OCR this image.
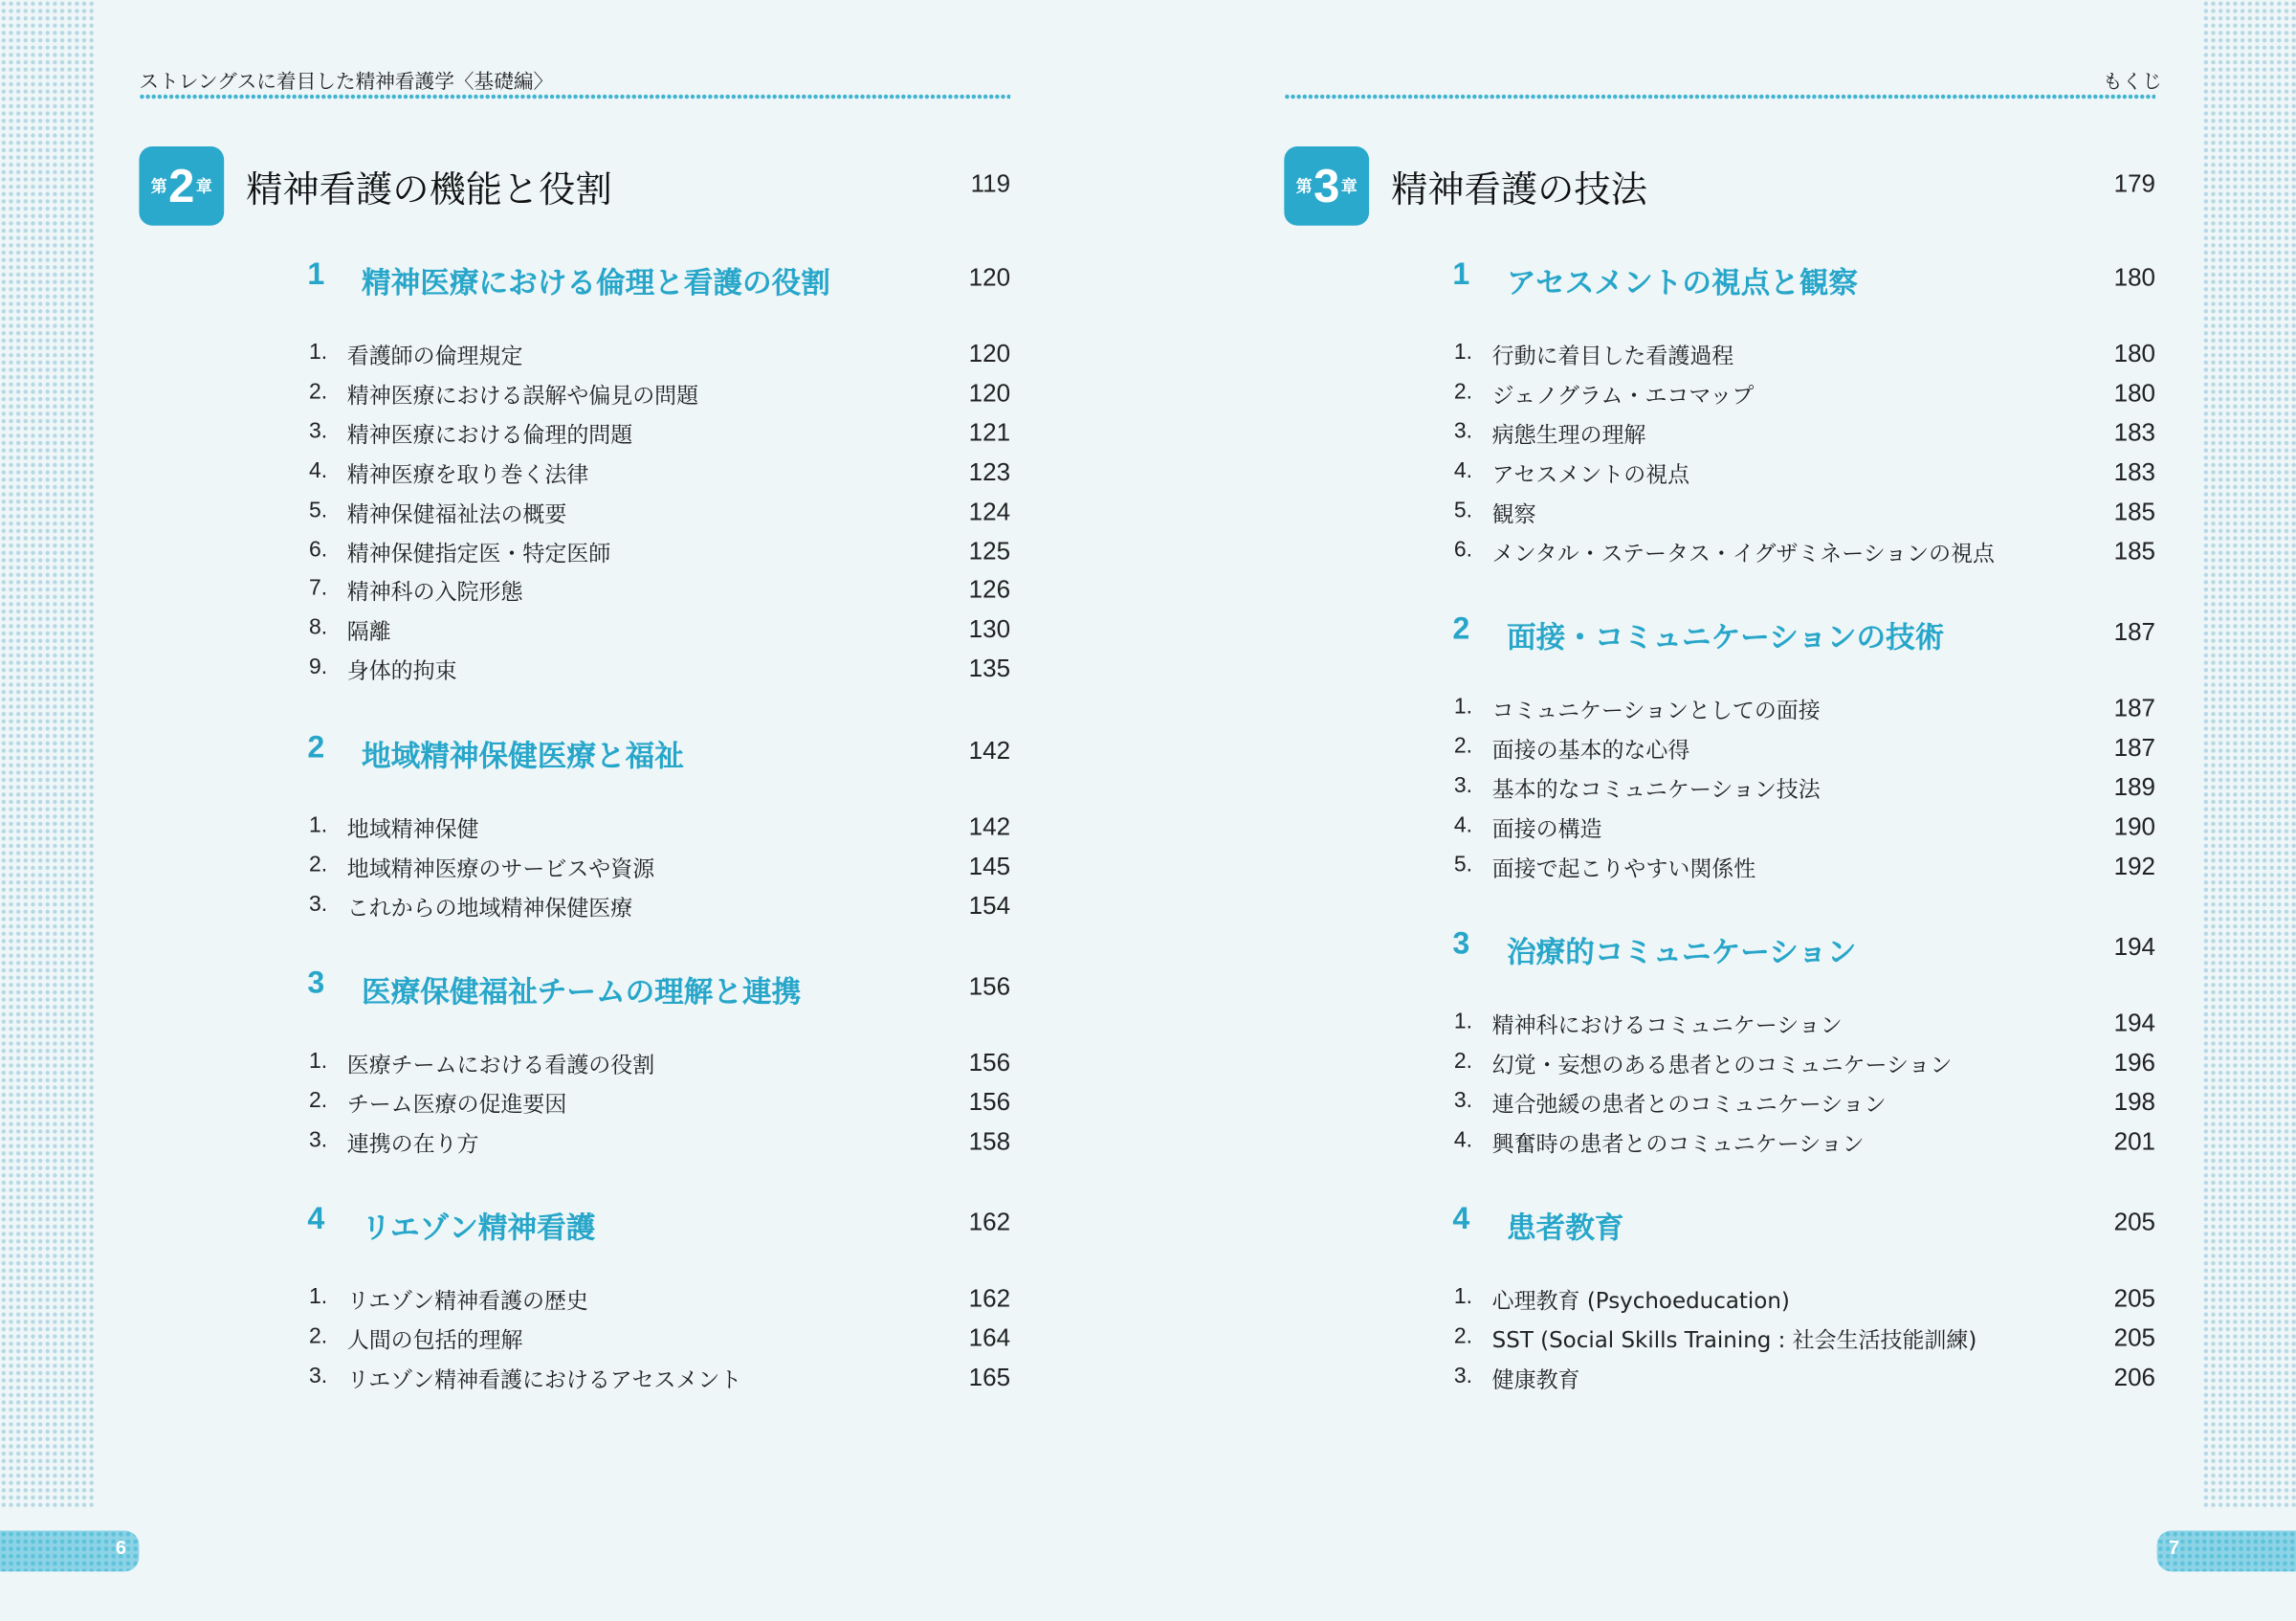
6	7
ストレングスに着目した精神看護学〈基礎編〉	もくじ
第 2 章 精神看護の機能と役割	119
1 精神医療における倫理と看護の役割	120
1. 看護師の倫理規定	120
2. 精神医療における誤解や偏見の問題	120
3. 精神医療における倫理的問題	121
4. 精神医療を取り巻く法律	123
5. 精神保健福祉法の概要	124
6. 精神保健指定医・特定医師	125
7. 精神科の入院形態	126
8. 隔離	130
9. 身体的拘束	135
2 地域精神保健医療と福祉	142
1. 地域精神保健	142
2. 地域精神医療のサービスや資源	145
3. これからの地域精神保健医療	154
3 医療保健福祉チームの理解と連携	156
1. 医療チームにおける看護の役割	156
2. チーム医療の促進要因	156
3. 連携の在り方	158
4 リエゾン精神看護	162
1. リエゾン精神看護の歴史	162
2. 人間の包括的理解	164
3. リエゾン精神看護におけるアセスメント	165
第 3 章 精神看護の技法	179
1 アセスメントの視点と観察	180
1. 行動に着目した看護過程	180
2. ジェノグラム・エコマップ	180
3. 病態生理の理解	183
4. アセスメントの視点	183
5. 観察	185
6. メンタル・ステータス・イグザミネーションの視点	185
2 面接・コミュニケーションの技術	187
1. コミュニケーションとしての面接	187
2. 面接の基本的な心得	187
3. 基本的なコミュニケーション技法	189
4. 面接の構造	190
5. 面接で起こりやすい関係性	192
3 治療的コミュニケーション	194
1. 精神科におけるコミュニケーション	194
2. 幻覚・妄想のある患者とのコミュニケーション	196
3. 連合弛緩の患者とのコミュニケーション	198
4. 興奮時の患者とのコミュニケーション	201
4 患者教育	205
1. 心理教育 (Psychoeducation)	205
2. SST (Social Skills Training : 社会生活技能訓練)	205
3. 健康教育	206
